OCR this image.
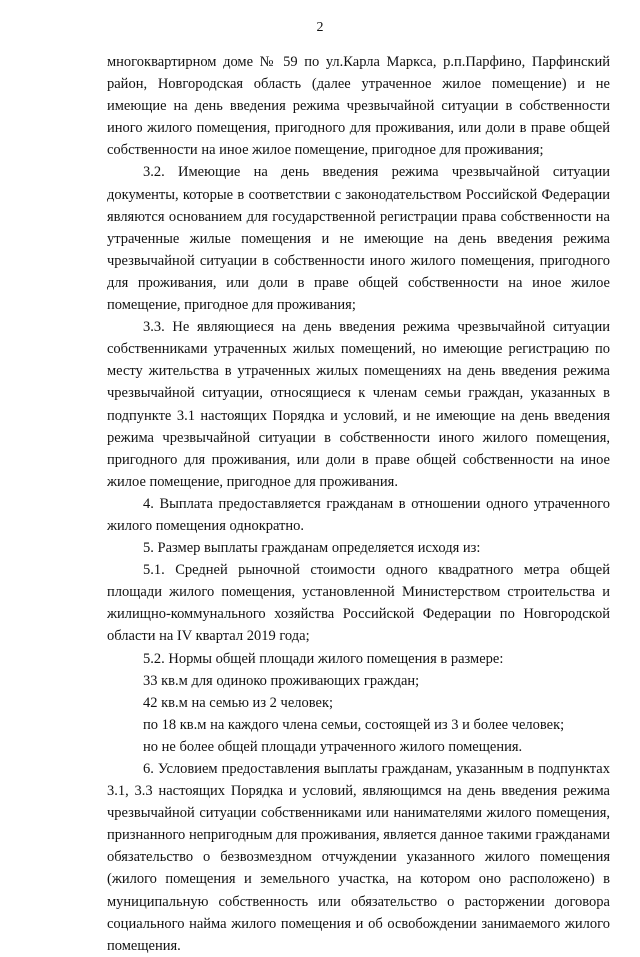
2

многоквартирном доме № 59 по ул.Карла Маркса, р.п.Парфино, Парфинский район, Новгородская область (далее утраченное жилое помещение) и не имеющие на день введения режима чрезвычайной ситуации в собственности иного жилого помещения, пригодного для проживания, или доли в праве общей собственности на иное жилое помещение, пригодное для проживания;

3.2. Имеющие на день введения режима чрезвычайной ситуации документы, которые в соответствии с законодательством Российской Федерации являются основанием для государственной регистрации права собственности на утраченные жилые помещения и не имеющие на день введения режима чрезвычайной ситуации в собственности иного жилого помещения, пригодного для проживания, или доли в праве общей собственности на иное жилое помещение, пригодное для проживания;

3.3. Не являющиеся на день введения режима чрезвычайной ситуации собственниками утраченных жилых помещений, но имеющие регистрацию по месту жительства в утраченных жилых помещениях на день введения режима чрезвычайной ситуации, относящиеся к членам семьи граждан, указанных в подпункте 3.1 настоящих Порядка и условий, и не имеющие на день введения режима чрезвычайной ситуации в собственности иного жилого помещения, пригодного для проживания, или доли в праве общей собственности на иное жилое помещение, пригодное для проживания.

4. Выплата предоставляется гражданам в отношении одного утраченного жилого помещения однократно.

5. Размер выплаты гражданам определяется исходя из:

5.1. Средней рыночной стоимости одного квадратного метра общей площади жилого помещения, установленной Министерством строительства и жилищно-коммунального хозяйства Российской Федерации по Новгородской области на IV квартал 2019 года;

5.2. Нормы общей площади жилого помещения в размере:

33 кв.м для одиноко проживающих граждан;

42 кв.м на семью из 2 человек;

по 18 кв.м на каждого члена семьи, состоящей из 3 и более человек;

но не более общей площади утраченного жилого помещения.

6. Условием предоставления выплаты гражданам, указанным в подпунктах 3.1, 3.3 настоящих Порядка и условий, являющимся на день введения режима чрезвычайной ситуации собственниками или нанимателями жилого помещения, признанного непригодным для проживания, является данное такими гражданами обязательство о безвозмездном отчуждении указанного жилого помещения (жилого помещения и земельного участка, на котором оно расположено) в муниципальную собственность или обязательство о расторжении договора социального найма жилого помещения и об освобождении занимаемого жилого помещения.
